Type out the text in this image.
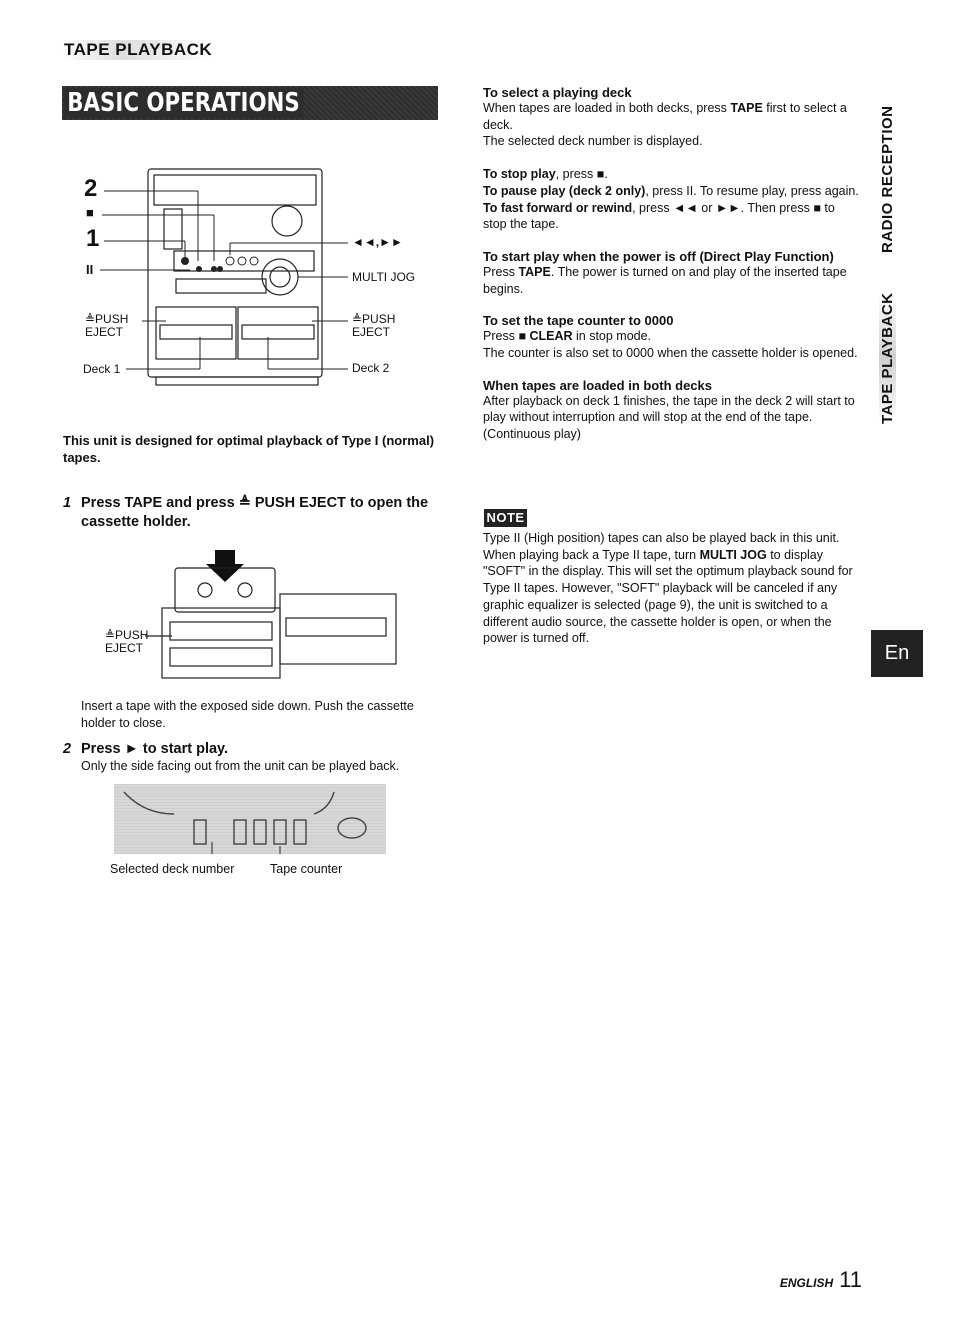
TAPE PLAYBACK
BASIC OPERATIONS
2
■
1
II
◄◄,►►
MULTI JOG
≜PUSH
EJECT
≜PUSH
EJECT
Deck 1	Deck 2
This unit is designed for optimal playback of Type I (normal) tapes.
1 Press TAPE and press ≜ PUSH EJECT to open the cassette holder.
≜PUSH
EJECT
Insert a tape with the exposed side down. Push the cassette holder to close.
2 Press ► to start play.
Only the side facing out from the unit can be played back.
Selected deck number	Tape counter
To select a playing deck
When tapes are loaded in both decks, press TAPE first to select a deck.
The selected deck number is displayed.
To stop play, press ■.
To pause play (deck 2 only), press II. To resume play, press again.
To fast forward or rewind, press ◄◄ or ►►. Then press ■ to stop the tape.
To start play when the power is off (Direct Play Function)
Press TAPE. The power is turned on and play of the inserted tape begins.
To set the tape counter to 0000
Press ■ CLEAR in stop mode.
The counter is also set to 0000 when the cassette holder is opened.
When tapes are loaded in both decks
After playback on deck 1 finishes, the tape in the deck 2 will start to play without interruption and will stop at the end of the tape. (Continuous play)
NOTE
Type II (High position) tapes can also be played back in this unit. When playing back a Type II tape, turn MULTI JOG to display "SOFT" in the display. This will set the optimum playback sound for Type II tapes. However, "SOFT" playback will be canceled if any graphic equalizer is selected (page 9), the unit is switched to a different audio source, the cassette holder is open, or when the power is turned off.
RADIO RECEPTION
TAPE PLAYBACK
En
ENGLISH 11
